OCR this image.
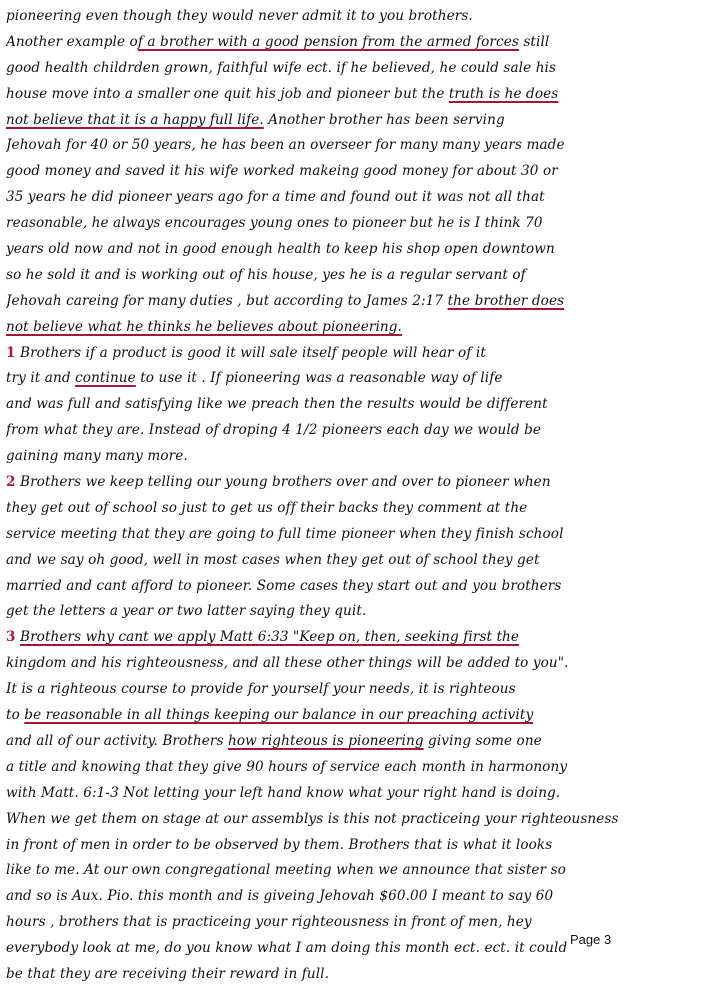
pioneering even though they would never admit it to you brothers.
Another example of a brother with a good pension from the armed forces still
good health childrden grown, faithful wife ect. if he believed, he could sale his
house move into a smaller one quit his job and pioneer but the truth is he does
not believe that it is a happy full life. Another brother has been serving
Jehovah for 40 or 50 years, he has been an overseer for many many years made
good money and saved it his wife worked makeing good money for about 30 or
35 years he did pioneer years ago for a time and found out it was not all that
reasonable, he always encourages young ones to pioneer but he is I think 70
years old now and not in good enough health to keep his shop open downtown
so he sold it and is working out of his house, yes he is a regular servant of
Jehovah careing for many duties , but according to James 2:17 the brother does
not believe what he thinks he believes about pioneering.
1 Brothers if a product is good it will sale itself people will hear of it
try it and continue to use it . If pioneering was a reasonable way of life
and was full and satisfying like we preach then the results would be different
from what they are. Instead of droping 4 1/2 pioneers each day we would be
gaining many many more.
2 Brothers we keep telling our young brothers over and over to pioneer when
they get out of school so just to get us off their backs they comment at the
service meeting that they are going to full time pioneer when they finish school
and we say oh good, well in most cases when they get out of school they get
married and cant afford to pioneer. Some cases they start out and you brothers
get the letters a year or two latter saying they quit.
3 Brothers why cant we apply Matt 6:33 "Keep on, then, seeking first the
kingdom and his righteousness, and all these other things will be added to you".
It is a righteous course to provide for yourself your needs, it is righteous
to be reasonable in all things keeping our balance in our preaching activity
and all of our activity. Brothers how righteous is pioneering giving some one
a title and knowing that they give 90 hours of service each month in harmonony
with Matt. 6:1-3 Not letting your left hand know what your right hand is doing.
When we get them on stage at our assemblys is this not practiceing your righteousness
in front of men in order to be observed by them. Brothers that is what it looks
like to me. At our own congregational meeting when we announce that sister so
and so is Aux. Pio. this month and is giveing Jehovah $60.00 I meant to say 60
hours , brothers that is practiceing your righteousness in front of men, hey
everybody look at me, do you know what I am doing this month ect. ect. it could
be that they are receiving their reward in full.
Page 3
